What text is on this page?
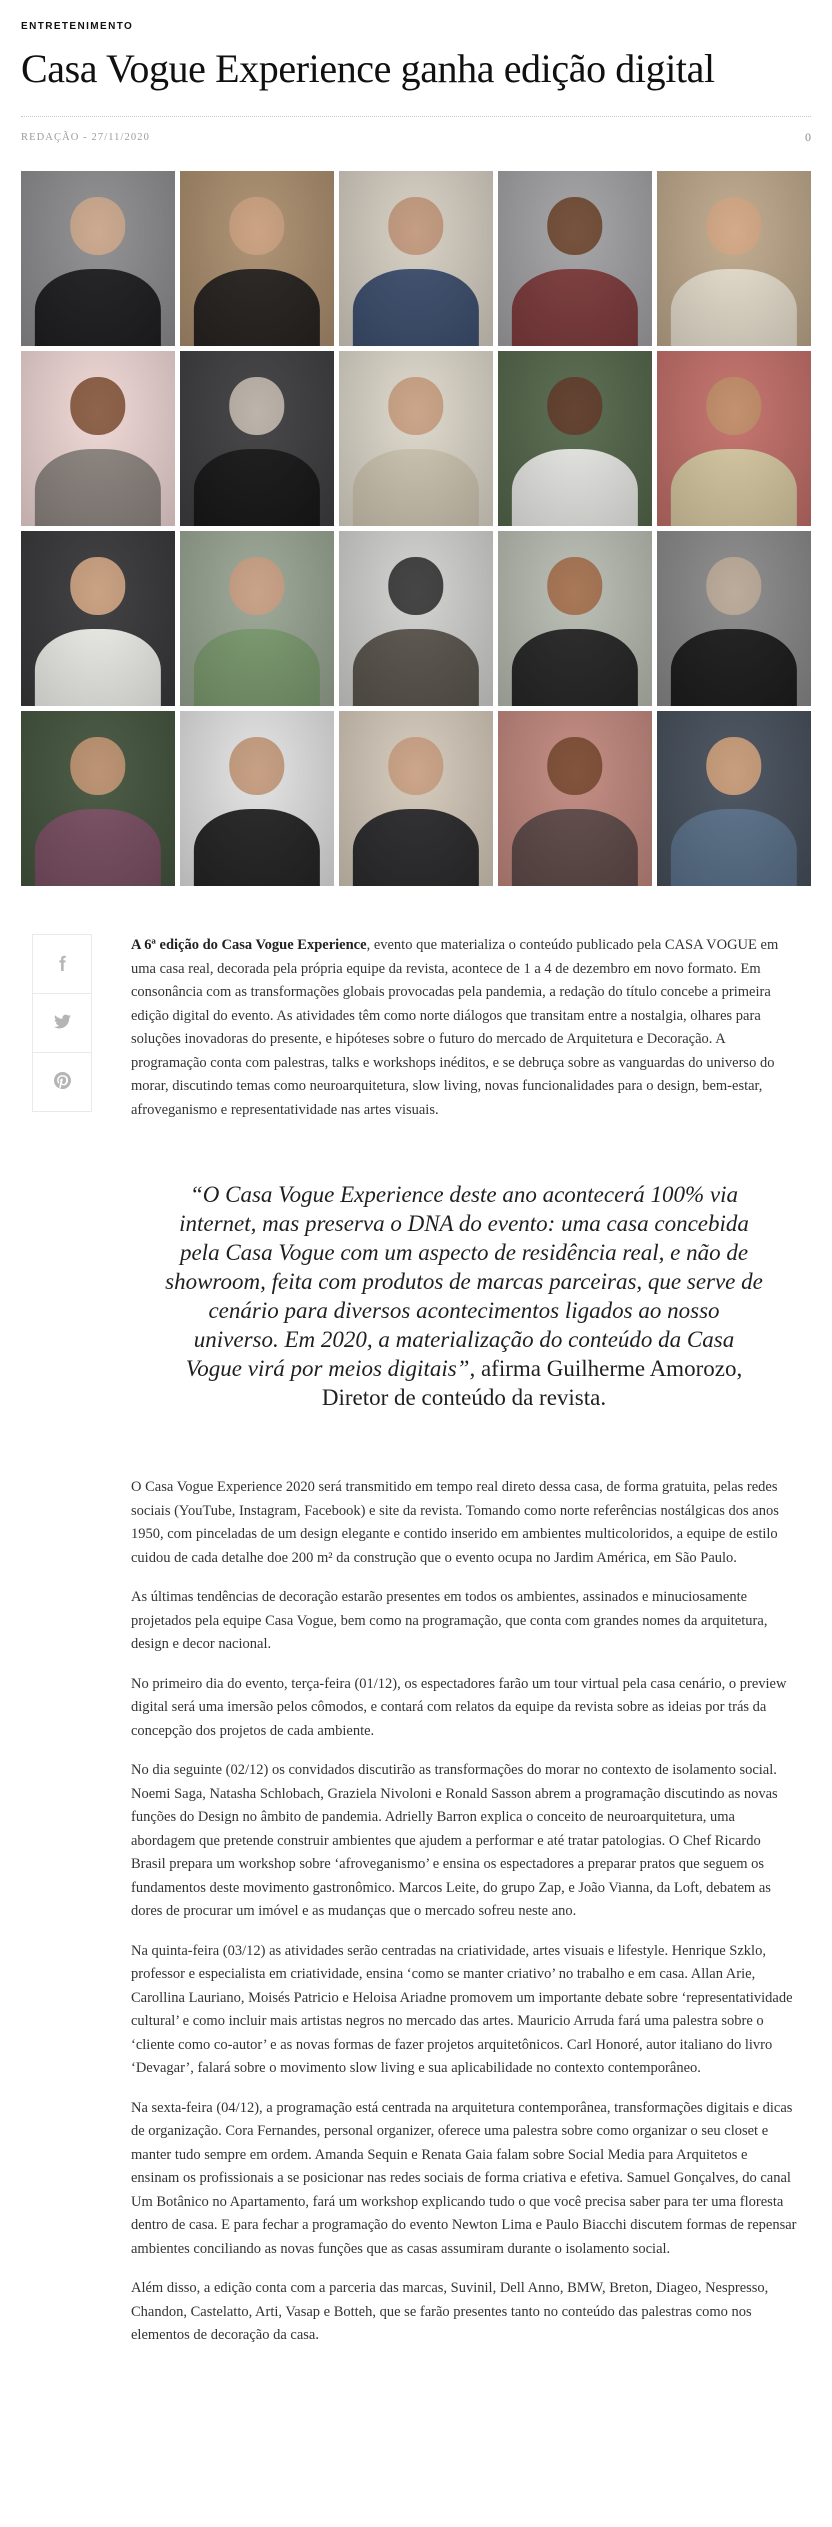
ENTRETENIMENTO
Casa Vogue Experience ganha edição digital
REDAÇÃO - 27/11/2020	0

A 6ª edição do Casa Vogue Experience, evento que materializa o conteúdo publicado pela CASA VOGUE em uma casa real, decorada pela própria equipe da revista, acontece de 1 a 4 de dezembro em novo formato. Em consonância com as transformações globais provocadas pela pandemia, a redação do título concebe a primeira edição digital do evento. As atividades têm como norte diálogos que transitam entre a nostalgia, olhares para soluções inovadoras do presente, e hipóteses sobre o futuro do mercado de Arquitetura e Decoração. A programação conta com palestras, talks e workshops inéditos, e se debruça sobre as vanguardas do universo do morar, discutindo temas como neuroarquitetura, slow living, novas funcionalidades para o design, bem-estar, afroveganismo e representatividade nas artes visuais.

“O Casa Vogue Experience deste ano acontecerá 100% via internet, mas preserva o DNA do evento: uma casa concebida pela Casa Vogue com um aspecto de residência real, e não de showroom, feita com produtos de marcas parceiras, que serve de cenário para diversos acontecimentos ligados ao nosso universo. Em 2020, a materialização do conteúdo da Casa Vogue virá por meios digitais”, afirma Guilherme Amorozo, Diretor de conteúdo da revista.

O Casa Vogue Experience 2020 será transmitido em tempo real direto dessa casa, de forma gratuita, pelas redes sociais (YouTube, Instagram, Facebook) e site da revista. Tomando como norte referências nostálgicas dos anos 1950, com pinceladas de um design elegante e contido inserido em ambientes multicoloridos, a equipe de estilo cuidou de cada detalhe doe 200 m² da construção que o evento ocupa no Jardim América, em São Paulo.

As últimas tendências de decoração estarão presentes em todos os ambientes, assinados e minuciosamente projetados pela equipe Casa Vogue, bem como na programação, que conta com grandes nomes da arquitetura, design e decor nacional.

No primeiro dia do evento, terça-feira (01/12), os espectadores farão um tour virtual pela casa cenário, o preview digital será uma imersão pelos cômodos, e contará com relatos da equipe da revista sobre as ideias por trás da concepção dos projetos de cada ambiente.

No dia seguinte (02/12) os convidados discutirão as transformações do morar no contexto de isolamento social. Noemi Saga, Natasha Schlobach, Graziela Nivoloni e Ronald Sasson abrem a programação discutindo as novas funções do Design no âmbito de pandemia. Adrielly Barron explica o conceito de neuroarquitetura, uma abordagem que pretende construir ambientes que ajudem a performar e até tratar patologias. O Chef Ricardo Brasil prepara um workshop sobre ‘afroveganismo’ e ensina os espectadores a preparar pratos que seguem os fundamentos deste movimento gastronômico. Marcos Leite, do grupo Zap, e João Vianna, da Loft, debatem as dores de procurar um imóvel e as mudanças que o mercado sofreu neste ano.

Na quinta-feira (03/12) as atividades serão centradas na criatividade, artes visuais e lifestyle. Henrique Szklo, professor e especialista em criatividade, ensina ‘como se manter criativo’ no trabalho e em casa. Allan Arie, Carollina Lauriano, Moisés Patricio e Heloisa Ariadne promovem um importante debate sobre ‘representatividade cultural’ e como incluir mais artistas negros no mercado das artes. Mauricio Arruda fará uma palestra sobre o ‘cliente como co-autor’ e as novas formas de fazer projetos arquitetônicos. Carl Honoré, autor italiano do livro ‘Devagar’, falará sobre o movimento slow living e sua aplicabilidade no contexto contemporâneo.

Na sexta-feira (04/12), a programação está centrada na arquitetura contemporânea, transformações digitais e dicas de organização. Cora Fernandes, personal organizer, oferece uma palestra sobre como organizar o seu closet e manter tudo sempre em ordem. Amanda Sequin e Renata Gaia falam sobre Social Media para Arquitetos e ensinam os profissionais a se posicionar nas redes sociais de forma criativa e efetiva. Samuel Gonçalves, do canal Um Botânico no Apartamento, fará um workshop explicando tudo o que você precisa saber para ter uma floresta dentro de casa. E para fechar a programação do evento Newton Lima e Paulo Biacchi discutem formas de repensar ambientes conciliando as novas funções que as casas assumiram durante o isolamento social.

Além disso, a edição conta com a parceria das marcas, Suvinil, Dell Anno, BMW, Breton, Diageo, Nespresso, Chandon, Castelatto, Arti, Vasap e Botteh, que se farão presentes tanto no conteúdo das palestras como nos elementos de decoração da casa.
